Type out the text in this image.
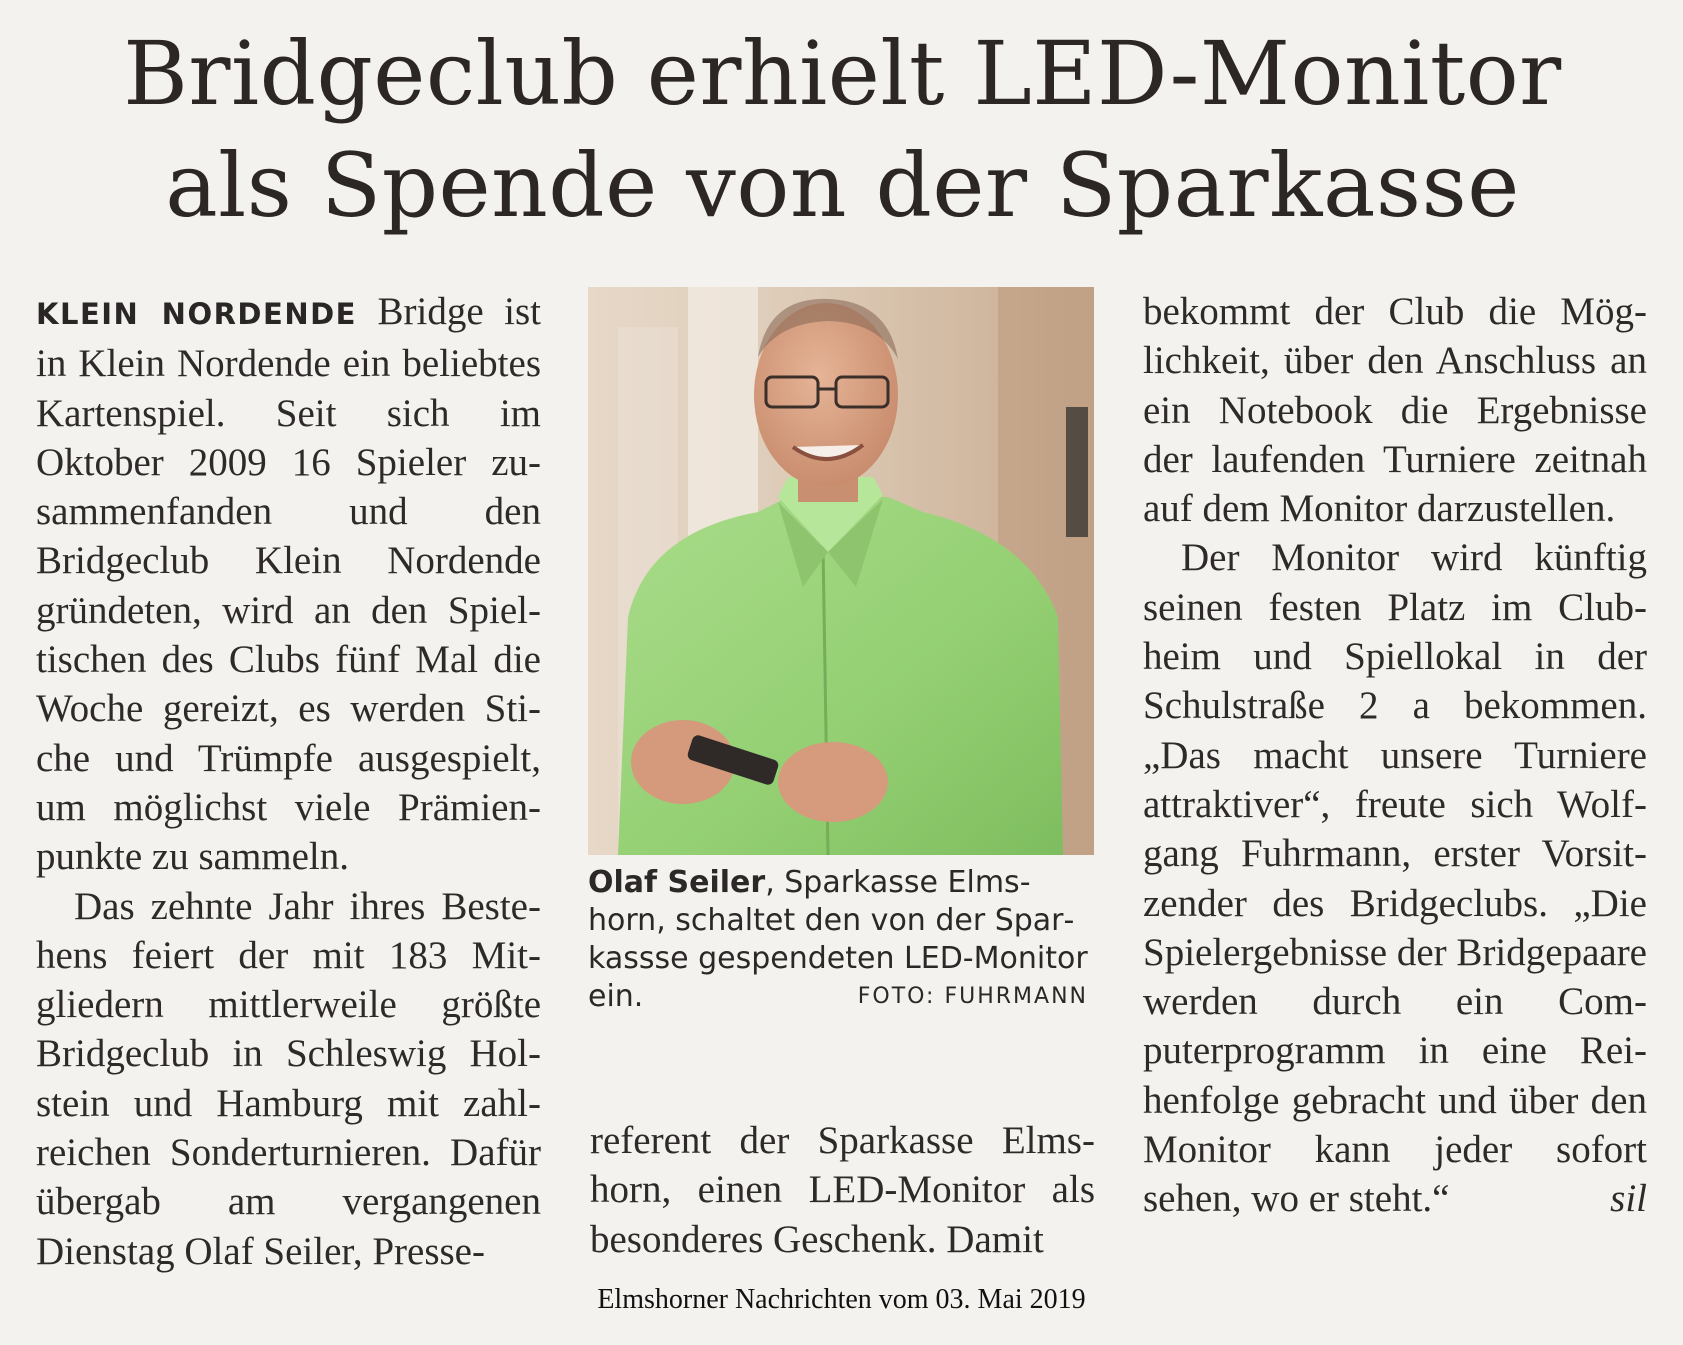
Bridgeclub erhielt LED-Monitor
als Spende von der Sparkasse

KLEIN NORDENDE Bridge ist in Klein Nordende ein beliebtes Kartenspiel. Seit sich im Oktober 2009 16 Spieler zusammenfanden und den Bridgeclub Klein Nordende gründeten, wird an den Spieltischen des Clubs fünf Mal die Woche gereizt, es werden Stiche und Trümpfe ausgespielt, um möglichst viele Prämienpunkte zu sammeln.

Das zehnte Jahr ihres Bestehens feiert der mit 183 Mitgliedern mittlerweile größte Bridgeclub in Schleswig Holstein und Hamburg mit zahlreichen Sonderturnieren. Dafür übergab am vergangenen Dienstag Olaf Seiler, Presse-

Olaf Seiler, Sparkasse Elmshorn, schaltet den von der Sparkassse gespendeten LED-Monitor ein.	FOTO: FUHRMANN

referent der Sparkasse Elmshorn, einen LED-Monitor als besonderes Geschenk. Damit

bekommt der Club die Möglichkeit, über den Anschluss an ein Notebook die Ergebnisse der laufenden Turniere zeitnah auf dem Monitor darzustellen.

Der Monitor wird künftig seinen festen Platz im Clubheim und Spiellokal in der Schulstraße 2 a bekommen. „Das macht unsere Turniere attraktiver“, freute sich Wolfgang Fuhrmann, erster Vorsitzender des Bridgeclubs. „Die Spielergebnisse der Bridgepaare werden durch ein Computerprogramm in eine Reihenfolge gebracht und über den Monitor kann jeder sofort sehen, wo er steht.“	sil

Elmshorner Nachrichten vom 03. Mai 2019
